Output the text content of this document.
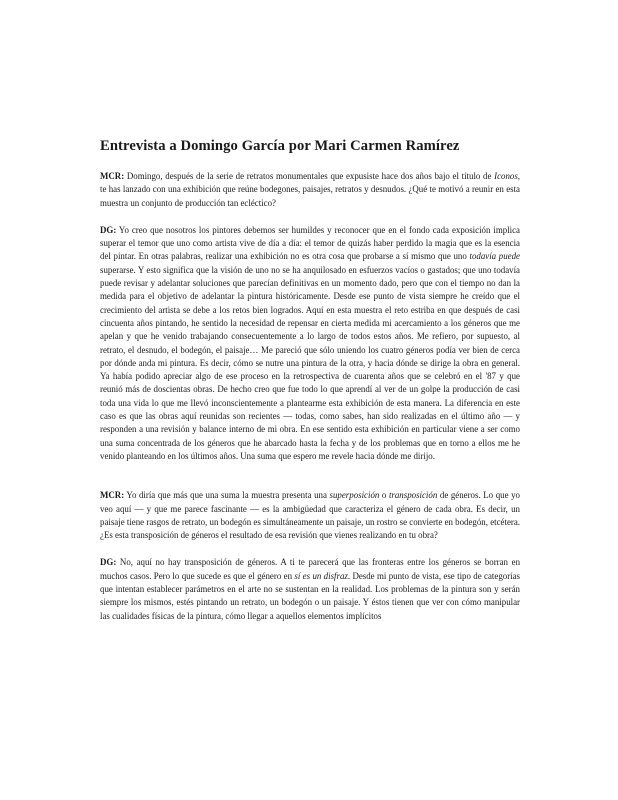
Entrevista a Domingo García por Mari Carmen Ramírez

MCR: Domingo, después de la serie de retratos monumentales que expusiste hace dos años bajo el título de Iconos, te has lanzado con una exhibición que reúne bodegones, paisajes, retratos y desnudos. ¿Qué te motivó a reunir en esta muestra un conjunto de producción tan ecléctico?

DG: Yo creo que nosotros los pintores debemos ser humildes y reconocer que en el fondo cada exposición implica superar el temor que uno como artista vive de día a día: el temor de quizás haber perdido la magia que es la esencia del pintar. En otras palabras, realizar una exhibición no es otra cosa que probarse a sí mismo que uno todavía puede superarse. Y esto significa que la visión de uno no se ha anquilosado en esfuerzos vacíos o gastados; que uno todavía puede revisar y adelantar soluciones que parecían definitivas en un momento dado, pero que con el tiempo no dan la medida para el objetivo de adelantar la pintura históricamente. Desde ese punto de vista siempre he creído que el crecimiento del artista se debe a los retos bien logrados. Aquí en esta muestra el reto estriba en que después de casi cincuenta años pintando, he sentido la necesidad de repensar en cierta medida mi acercamiento a los géneros que me apelan y que he venido trabajando consecuentemente a lo largo de todos estos años. Me refiero, por supuesto, al retrato, el desnudo, el bodegón, el paisaje… Me pareció que sólo uniendo los cuatro géneros podía ver bien de cerca por dónde anda mi pintura. Es decir, cómo se nutre una pintura de la otra, y hacia dónde se dirige la obra en general. Ya había podido apreciar algo de ese proceso en la retrospectiva de cuarenta años que se celebró en el '87 y que reunió más de doscientas obras. De hecho creo que fue todo lo que aprendí al ver de un golpe la producción de casi toda una vida lo que me llevó inconscientemente a plantearme esta exhibición de esta manera. La diferencia en este caso es que las obras aquí reunidas son recientes — todas, como sabes, han sido realizadas en el último año — y responden a una revisión y balance interno de mi obra. En ese sentido esta exhibición en particular viene a ser como una suma concentrada de los géneros que he abarcado hasta la fecha y de los problemas que en torno a ellos me he venido planteando en los últimos años. Una suma que espero me revele hacia dónde me dirijo.

MCR: Yo diría que más que una suma la muestra presenta una superposición o transposición de géneros. Lo que yo veo aquí — y que me parece fascinante — es la ambigüedad que caracteriza el género de cada obra. Es decir, un paisaje tiene rasgos de retrato, un bodegón es simultáneamente un paisaje, un rostro se convierte en bodegón, etcétera. ¿Es esta transposición de géneros el resultado de esa revisión que vienes realizando en tu obra?

DG: No, aquí no hay transposición de géneros. A ti te parecerá que las fronteras entre los géneros se borran en muchos casos. Pero lo que sucede es que el género en sí es un disfraz. Desde mi punto de vista, ese tipo de categorías que intentan establecer parámetros en el arte no se sustentan en la realidad. Los problemas de la pintura son y serán siempre los mismos, estés pintando un retrato, un bodegón o un paisaje. Y éstos tienen que ver con cómo manipular las cualidades físicas de la pintura, cómo llegar a aquellos elementos implícitos
